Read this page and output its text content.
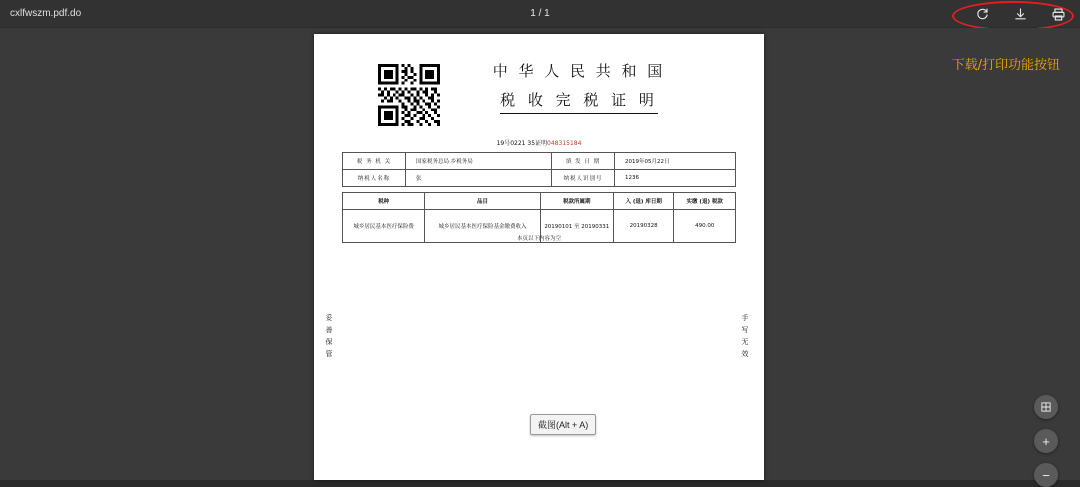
cxlfwszm.pdf.do	1 / 1
中 华 人 民 共 和 国
税 收 完 税 证 明
19号0221 35证明048315184
税 务 机 关	国家税务总局 乡税务局	填 发 日 期	2019年05月22日
纳税人名称	张	纳税人识别号	1236
税种	品目	税款所属期	入 (退) 库日期	实缴 (退) 税款
城乡居民基本医疗保险费	城乡居民基本医疗保险基金缴费收入	20190101 至 20190331	20190328	490.00
本页以下内容为空
妥善保管	手写无效
截图(Alt + A)
下载/打印功能按钮
+
−
